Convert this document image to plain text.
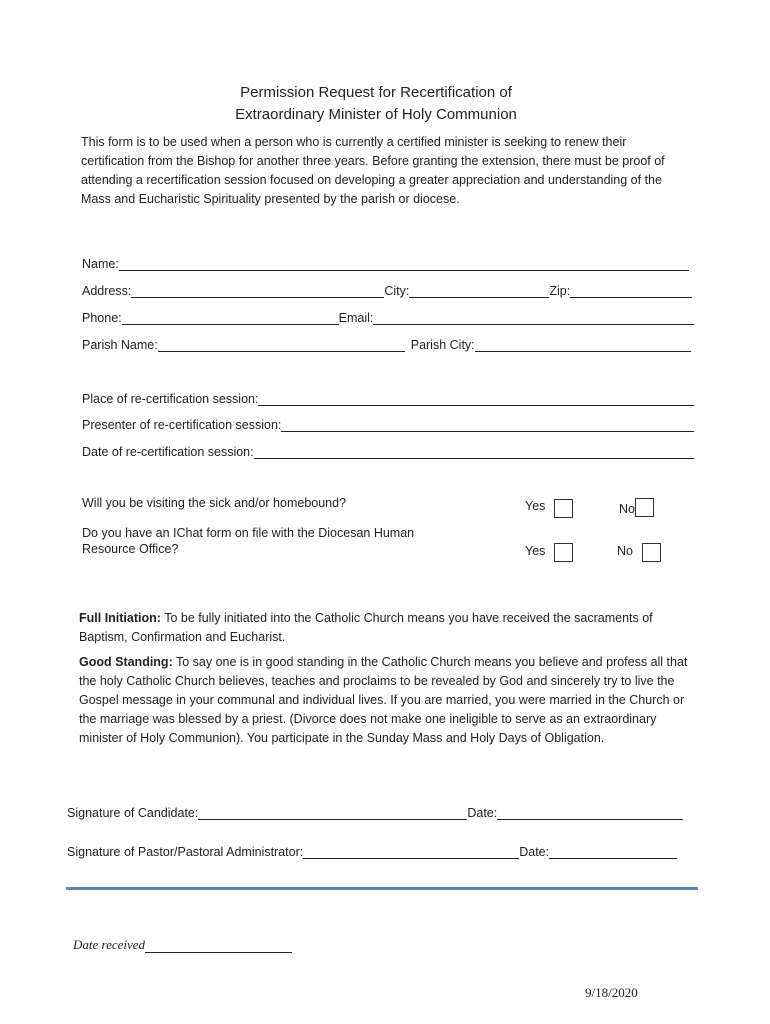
Permission Request for Recertification of
Extraordinary Minister of Holy Communion
This form is to be used when a person who is currently a certified minister is seeking to renew their certification from the Bishop for another three years. Before granting the extension, there must be proof of attending a recertification session focused on developing a greater appreciation and understanding of the Mass and Eucharistic Spirituality presented by the parish or diocese.
Name:
Address:	City:	Zip:
Phone:	Email:
Parish Name:	Parish City:
Place of re-certification session:
Presenter of re-certification session:
Date of re-certification session:
Will you be visiting the sick and/or homebound?	Yes	No
Do you have an IChat form on file with the Diocesan Human Resource Office?	Yes	No
Full Initiation: To be fully initiated into the Catholic Church means you have received the sacraments of Baptism, Confirmation and Eucharist.
Good Standing: To say one is in good standing in the Catholic Church means you believe and profess all that the holy Catholic Church believes, teaches and proclaims to be revealed by God and sincerely try to live the Gospel message in your communal and individual lives. If you are married, you were married in the Church or the marriage was blessed by a priest. (Divorce does not make one ineligible to serve as an extraordinary minister of Holy Communion). You participate in the Sunday Mass and Holy Days of Obligation.
Signature of Candidate:	Date:
Signature of Pastor/Pastoral Administrator:	Date:
Date received
9/18/2020
